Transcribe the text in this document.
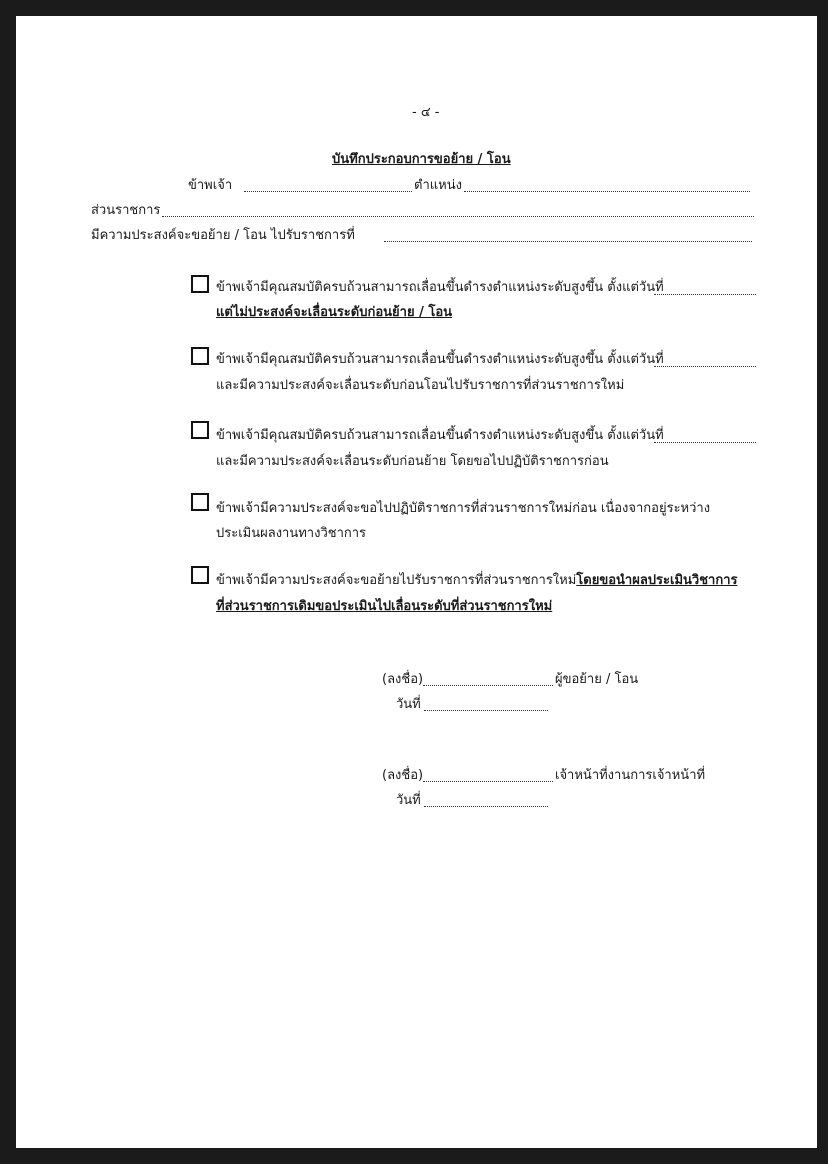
- ๔ -
บันทึกประกอบการขอย้าย / โอน
ข้าพเจ้า	ตำแหน่ง
ส่วนราชการ
มีความประสงค์จะขอย้าย / โอน ไปรับราชการที่
ข้าพเจ้ามีคุณสมบัติครบถ้วนสามารถเลื่อนขึ้นดำรงตำแหน่งระดับสูงขึ้น ตั้งแต่วันที่
แต่ไม่ประสงค์จะเลื่อนระดับก่อนย้าย / โอน
ข้าพเจ้ามีคุณสมบัติครบถ้วนสามารถเลื่อนขึ้นดำรงตำแหน่งระดับสูงขึ้น ตั้งแต่วันที่
และมีความประสงค์จะเลื่อนระดับก่อนโอนไปรับราชการที่ส่วนราชการใหม่
ข้าพเจ้ามีคุณสมบัติครบถ้วนสามารถเลื่อนขึ้นดำรงตำแหน่งระดับสูงขึ้น ตั้งแต่วันที่
และมีความประสงค์จะเลื่อนระดับก่อนย้าย โดยขอไปปฏิบัติราชการก่อน
ข้าพเจ้ามีความประสงค์จะขอไปปฏิบัติราชการที่ส่วนราชการใหม่ก่อน เนื่องจากอยู่ระหว่าง
ประเมินผลงานทางวิชาการ
ข้าพเจ้ามีความประสงค์จะขอย้ายไปรับราชการที่ส่วนราชการใหม่โดยขอนำผลประเมินวิชาการ
ที่ส่วนราชการเดิมขอประเมินไปเลื่อนระดับที่ส่วนราชการใหม่
(ลงชื่อ)	ผู้ขอย้าย / โอน
วันที่
(ลงชื่อ)	เจ้าหน้าที่งานการเจ้าหน้าที่
วันที่
